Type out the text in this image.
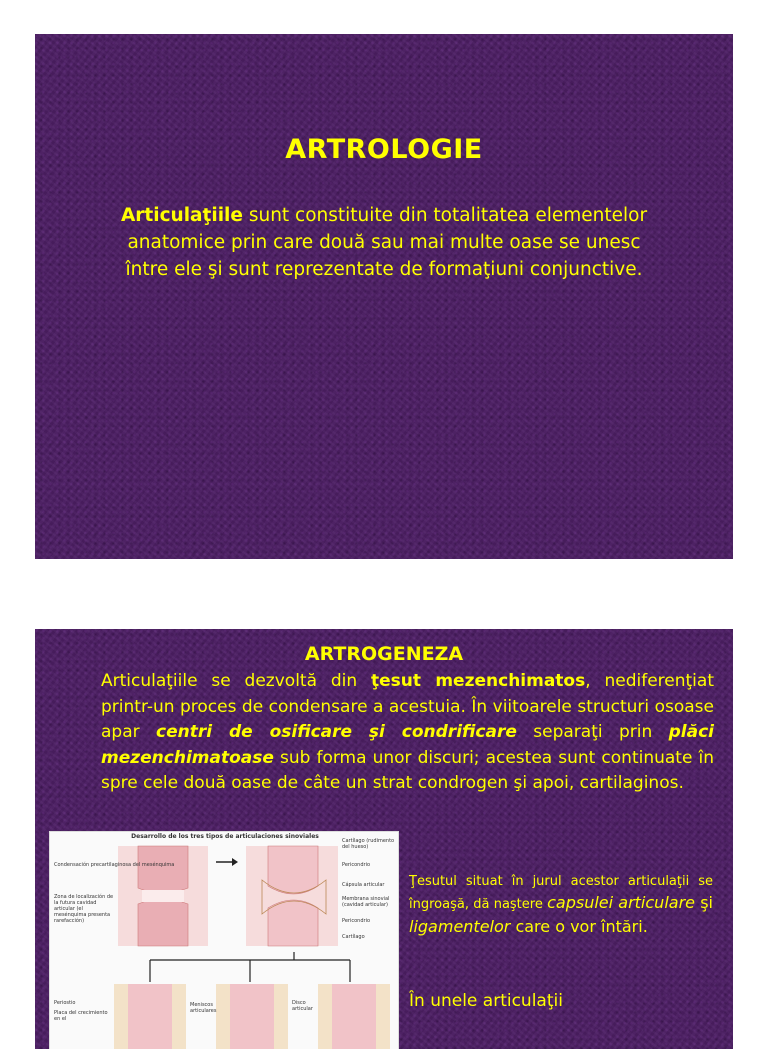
ARTROLOGIE
Articulaţiile sunt constituite din totalitatea elementelor anatomice prin care două sau mai multe oase se unesc între ele şi sunt reprezentate de formaţiuni conjunctive.
ARTROGENEZA
Articulaţiile se dezvoltă din ţesut mezenchimatos, nediferenţiat printr-un proces de condensare a acestuia. În viitoarele structuri osoase apar centri de osificare şi condrificare separaţi prin plăci mezenchimatoase sub forma unor discuri; acestea sunt continuate în spre cele două oase de câte un strat condrogen şi apoi, cartilaginos.
Desarrollo de los tres tipos de articulaciones sinoviales
Condensación precartilaginosa del mesénquima
Zona de localización de la futura cavidad articular (el mesénquima presenta rarefacción)
Cartílago (rudimento del hueso)
Pericondrio
Cápsula articular
Membrana sinovial (cavidad articular)
Pericondrio
Cartílago
Periostio
Placa del crecimiento en el
Meniscos articulares
Disco articular
Ţesutul situat în jurul acestor articulaţii se îngroaşă, dă naştere capsulei articulare şi ligamentelor care o vor întări.
În unele articulaţii
